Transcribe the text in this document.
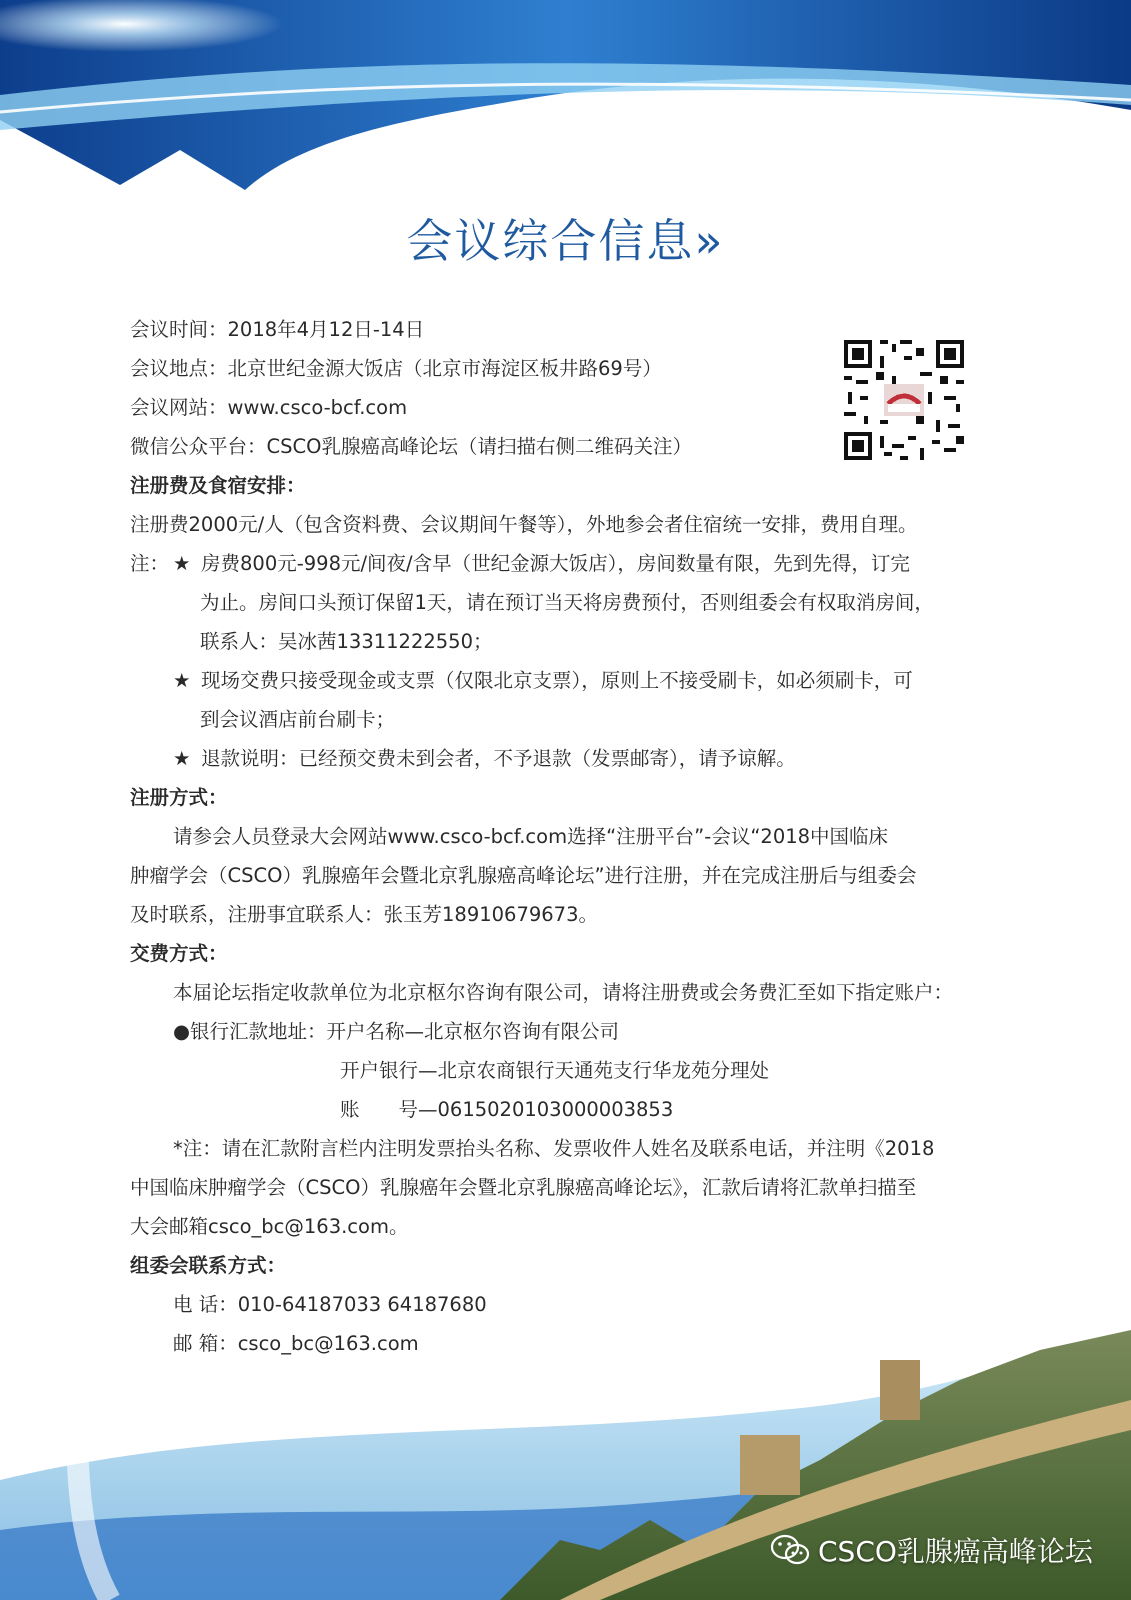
会议综合信息»
会议时间：2018年4月12日-14日
会议地点：北京世纪金源大饭店（北京市海淀区板井路69号）
会议网站：www.csco-bcf.com
微信公众平台：CSCO乳腺癌高峰论坛（请扫描右侧二维码关注）
注册费及食宿安排：
注册费2000元/人（包含资料费、会议期间午餐等），外地参会者住宿统一安排，费用自理。
注： ★ 房费800元-998元/间夜/含早（世纪金源大饭店），房间数量有限，先到先得，订完
为止。房间口头预订保留1天，请在预订当天将房费预付，否则组委会有权取消房间，
联系人：吴冰茜13311222550；
★ 现场交费只接受现金或支票（仅限北京支票），原则上不接受刷卡，如必须刷卡，可
到会议酒店前台刷卡；
★ 退款说明：已经预交费未到会者，不予退款（发票邮寄），请予谅解。
注册方式：
请参会人员登录大会网站www.csco-bcf.com选择“注册平台”-会议“2018中国临床
肿瘤学会（CSCO）乳腺癌年会暨北京乳腺癌高峰论坛”进行注册，并在完成注册后与组委会
及时联系，注册事宜联系人：张玉芳18910679673。
交费方式：
本届论坛指定收款单位为北京枢尔咨询有限公司，请将注册费或会务费汇至如下指定账户：
●银行汇款地址：开户名称—北京枢尔咨询有限公司
开户银行—北京农商银行天通苑支行华龙苑分理处
账　　号—0615020103000003853
*注：请在汇款附言栏内注明发票抬头名称、发票收件人姓名及联系电话，并注明《2018
中国临床肿瘤学会（CSCO）乳腺癌年会暨北京乳腺癌高峰论坛》，汇款后请将汇款单扫描至
大会邮箱csco_bc@163.com。
组委会联系方式：
电 话：010-64187033 64187680
邮 箱：csco_bc@163.com
CSCO乳腺癌高峰论坛
